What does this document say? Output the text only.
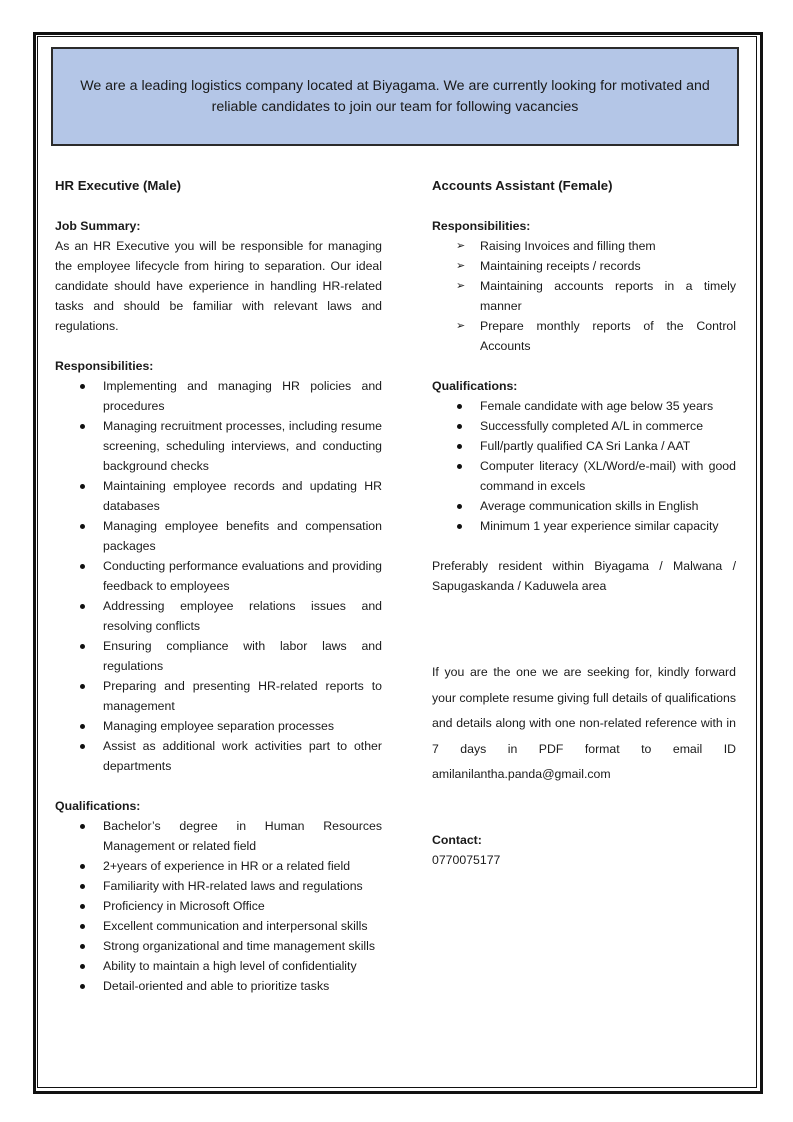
We are a leading logistics company located at Biyagama. We are currently looking for motivated and reliable candidates to join our team for following vacancies
HR Executive (Male)
Job Summary:
As an HR Executive you will be responsible for managing the employee lifecycle from hiring to separation. Our ideal candidate should have experience in handling HR-related tasks and should be familiar with relevant laws and regulations.
Responsibilities:
Implementing and managing HR policies and procedures
Managing recruitment processes, including resume screening, scheduling interviews, and conducting background checks
Maintaining employee records and updating HR databases
Managing employee benefits and compensation packages
Conducting performance evaluations and providing feedback to employees
Addressing employee relations issues and resolving conflicts
Ensuring compliance with labor laws and regulations
Preparing and presenting HR-related reports to management
Managing employee separation processes
Assist as additional work activities part to other departments
Qualifications:
Bachelor’s degree in Human Resources Management or related field
2+years of experience in HR or a related field
Familiarity with HR-related laws and regulations
Proficiency in Microsoft Office
Excellent communication and interpersonal skills
Strong organizational and time management skills
Ability to maintain a high level of confidentiality
Detail-oriented and able to prioritize tasks
Accounts Assistant (Female)
Responsibilities:
➢ Raising Invoices and filling them
➢ Maintaining receipts / records
➢ Maintaining accounts reports in a timely manner
➢ Prepare monthly reports of the Control Accounts
Qualifications:
Female candidate with age below 35 years
Successfully completed A/L in commerce
Full/partly qualified CA Sri Lanka / AAT
Computer literacy (XL/Word/e-mail) with good command in excels
Average communication skills in English
Minimum 1 year experience similar capacity
Preferably resident within Biyagama / Malwana / Sapugaskanda / Kaduwela area
If you are the one we are seeking for, kindly forward your complete resume giving full details of qualifications and details along with one non-related reference with in 7 days in PDF format to email ID amilanilantha.panda@gmail.com
Contact:
0770075177
